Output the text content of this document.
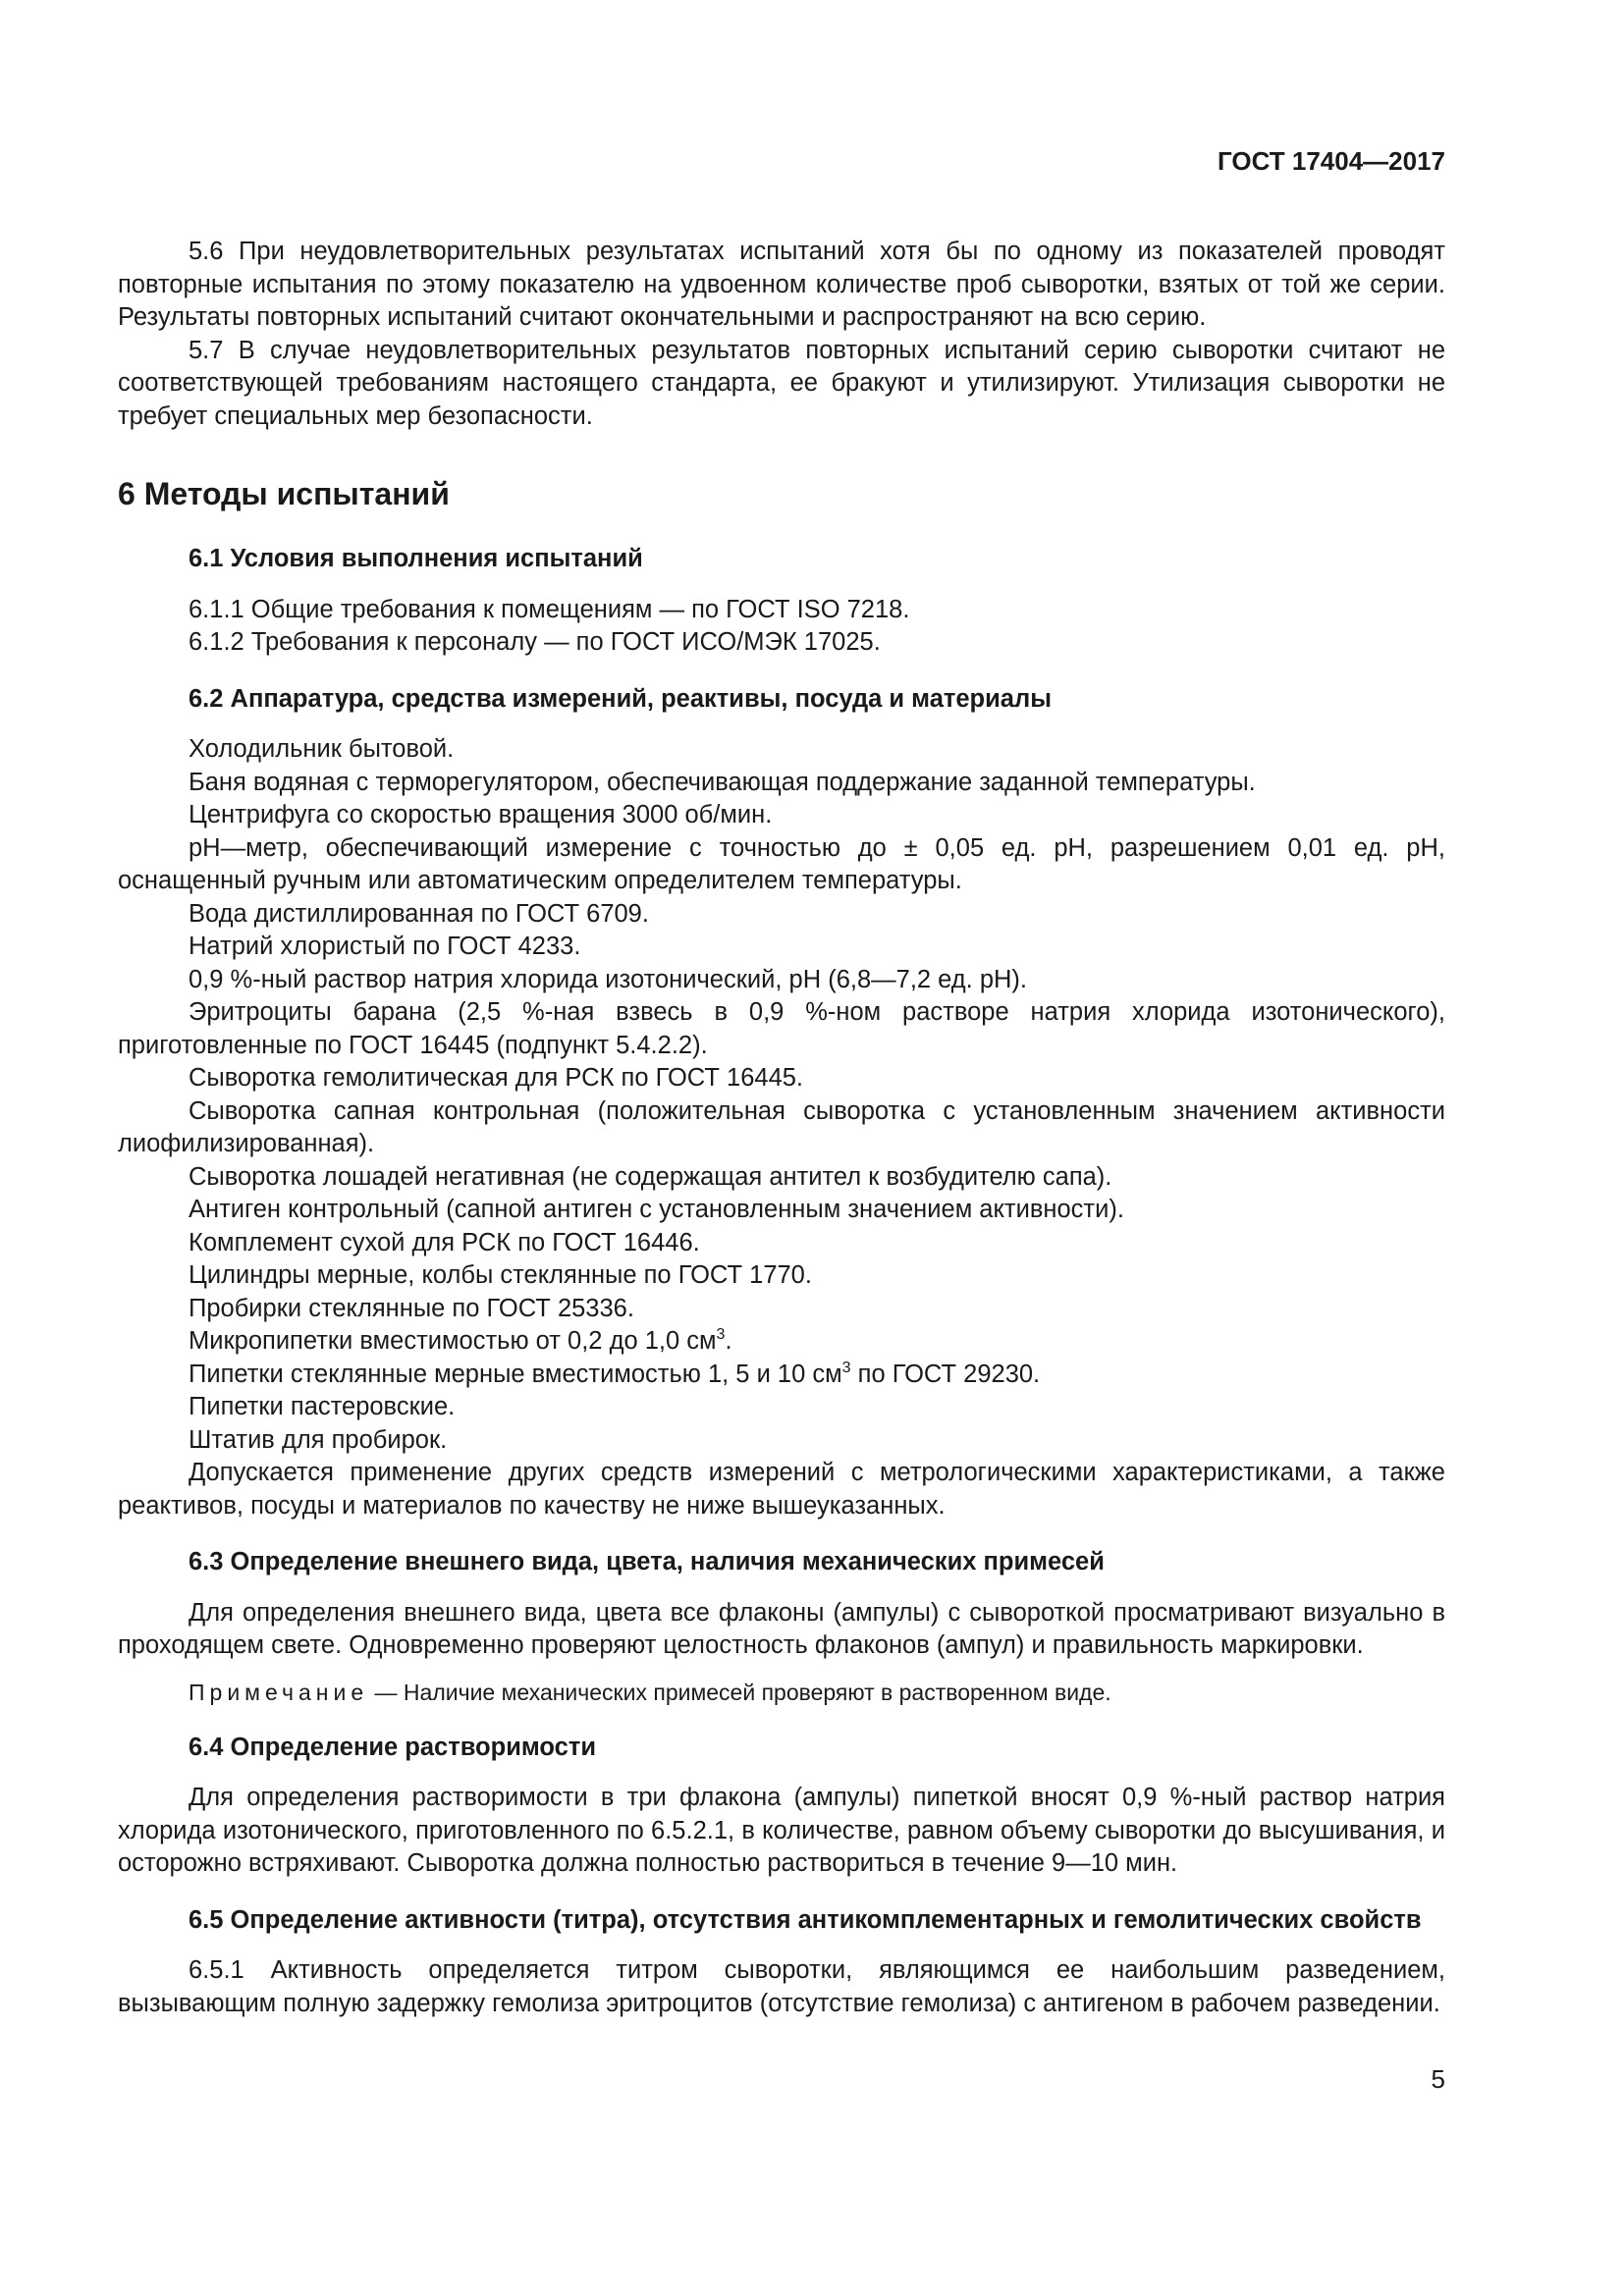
ГОСТ 17404—2017

5.6 При неудовлетворительных результатах испытаний хотя бы по одному из показателей проводят повторные испытания по этому показателю на удвоенном количестве проб сыворотки, взятых от той же серии. Результаты повторных испытаний считают окончательными и распространяют на всю серию.

5.7 В случае неудовлетворительных результатов повторных испытаний серию сыворотки считают не соответствующей требованиям настоящего стандарта, ее бракуют и утилизируют. Утилизация сыворотки не требует специальных мер безопасности.

6 Методы испытаний
6.1 Условия выполнения испытаний

6.1.1 Общие требования к помещениям — по ГОСТ ISO 7218.

6.1.2 Требования к персоналу — по ГОСТ ИСО/МЭК 17025.

6.2 Аппаратура, средства измерений, реактивы, посуда и материалы

Холодильник бытовой.

Баня водяная с терморегулятором, обеспечивающая поддержание заданной температуры.

Центрифуга со скоростью вращения 3000 об/мин.

рН—метр, обеспечивающий измерение с точностью до ± 0,05 ед. рН, разрешением 0,01 ед. рН, оснащенный ручным или автоматическим определителем температуры.

Вода дистиллированная по ГОСТ 6709.

Натрий хлористый по ГОСТ 4233.

0,9 %-ный раствор натрия хлорида изотонический, рН (6,8—7,2 ед. рН).

Эритроциты барана (2,5 %-ная взвесь в 0,9 %-ном растворе натрия хлорида изотонического), приготовленные по ГОСТ 16445 (подпункт 5.4.2.2).

Сыворотка гемолитическая для РСК по ГОСТ 16445.

Сыворотка сапная контрольная (положительная сыворотка с установленным значением активности лиофилизированная).

Сыворотка лошадей негативная (не содержащая антител к возбудителю сапа).

Антиген контрольный (сапной антиген с установленным значением активности).

Комплемент сухой для РСК по ГОСТ 16446.

Цилиндры мерные, колбы стеклянные по ГОСТ 1770.

Пробирки стеклянные по ГОСТ 25336.

Микропипетки вместимостью от 0,2 до 1,0 $см^3$.

Пипетки стеклянные мерные вместимостью 1, 5 и 10 $см^3$ по ГОСТ 29230.

Пипетки пастеровские.

Штатив для пробирок.

Допускается применение других средств измерений с метрологическими характеристиками, а также реактивов, посуды и материалов по качеству не ниже вышеуказанных.

6.3 Определение внешнего вида, цвета, наличия механических примесей

Для определения внешнего вида, цвета все флаконы (ампулы) с сывороткой просматривают визуально в проходящем свете. Одновременно проверяют целостность флаконов (ампул) и правильность маркировки.

Примечание — Наличие механических примесей проверяют в растворенном виде.

6.4 Определение растворимости

Для определения растворимости в три флакона (ампулы) пипеткой вносят 0,9 %-ный раствор натрия хлорида изотонического, приготовленного по 6.5.2.1, в количестве, равном объему сыворотки до высушивания, и осторожно встряхивают. Сыворотка должна полностью раствориться в течение 9—10 мин.

6.5 Определение активности (титра), отсутствия антикомплементарных и гемолитических свойств

6.5.1 Активность определяется титром сыворотки, являющимся ее наибольшим разведением, вызывающим полную задержку гемолиза эритроцитов (отсутствие гемолиза) с антигеном в рабочем разведении.

5
